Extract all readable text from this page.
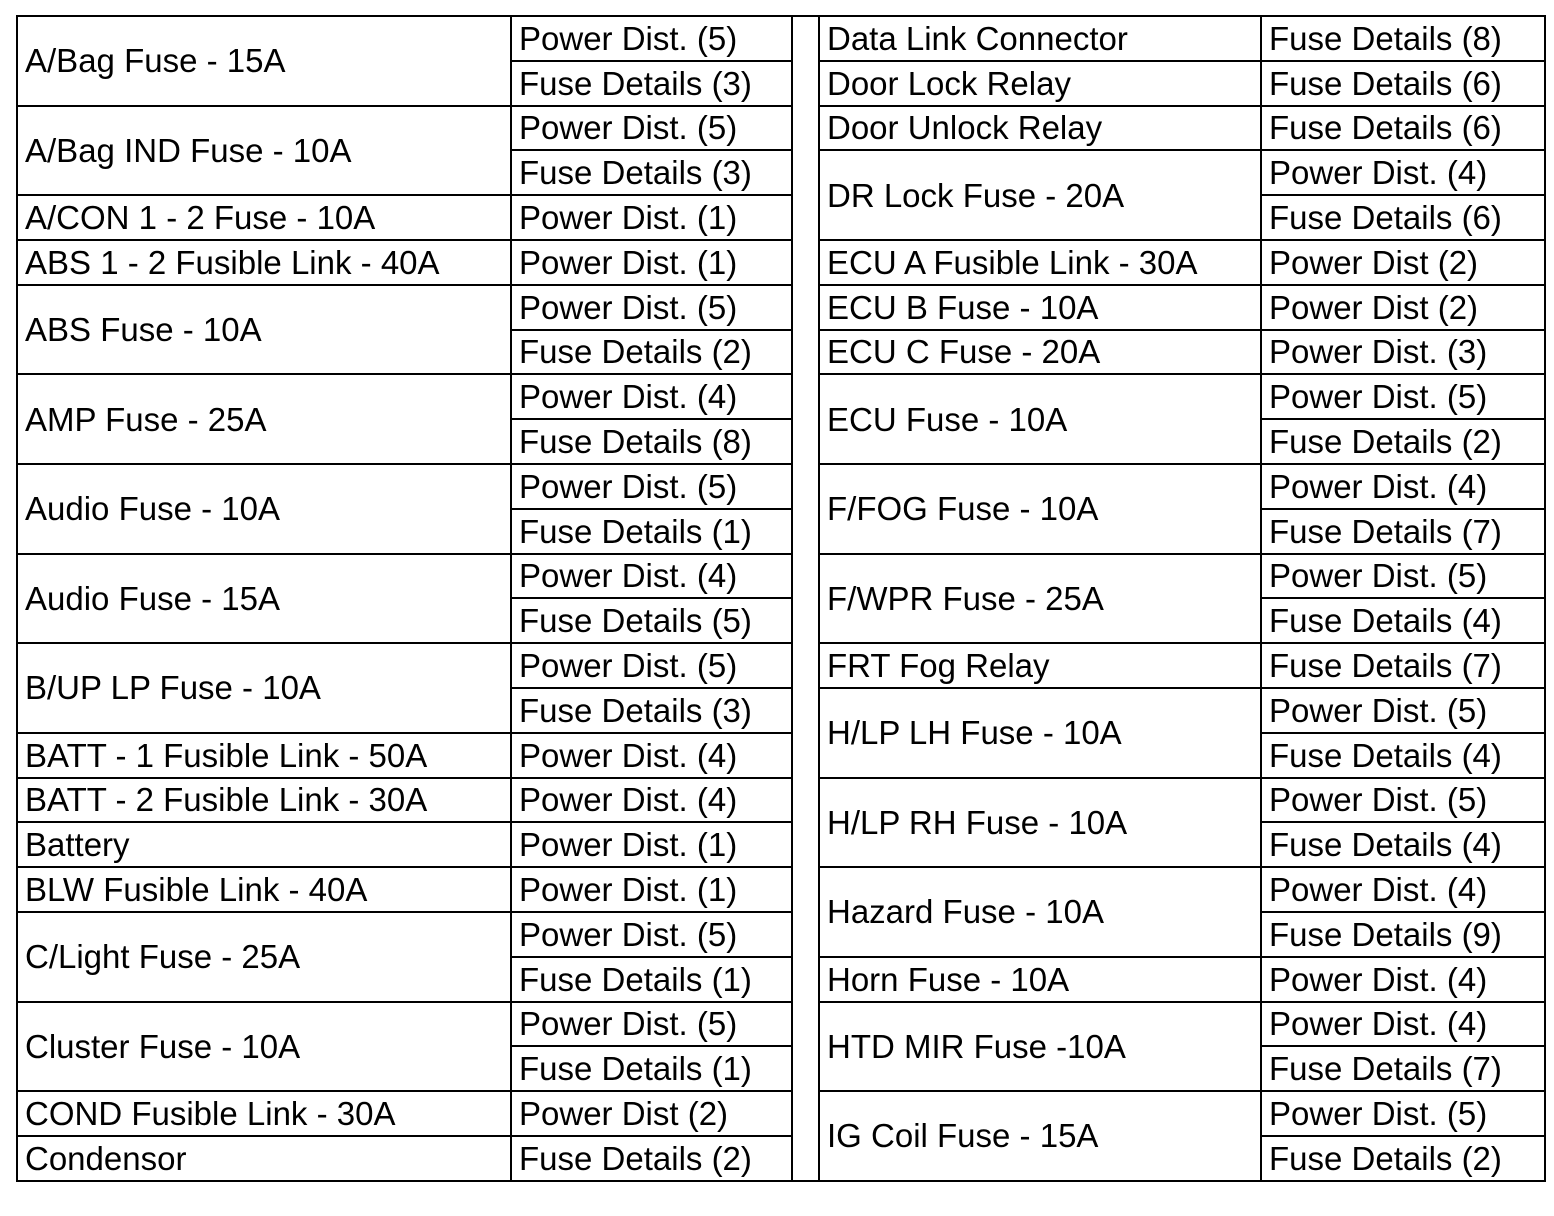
A/Bag Fuse - 15A	Power Dist. (5)		Data Link Connector	Fuse Details (8)
	Fuse Details (3)		Door Lock Relay	Fuse Details (6)
A/Bag IND Fuse - 10A	Power Dist. (5)		Door Unlock Relay	Fuse Details (6)
	Fuse Details (3)		DR Lock Fuse - 20A	Power Dist. (4)
A/CON 1 - 2 Fuse - 10A	Power Dist. (1)			Fuse Details (6)
ABS 1 - 2 Fusible Link - 40A	Power Dist. (1)		ECU A Fusible Link - 30A	Power Dist (2)
ABS Fuse - 10A	Power Dist. (5)		ECU B Fuse - 10A	Power Dist (2)
	Fuse Details (2)		ECU C Fuse - 20A	Power Dist. (3)
AMP Fuse - 25A	Power Dist. (4)		ECU Fuse - 10A	Power Dist. (5)
	Fuse Details (8)			Fuse Details (2)
Audio Fuse - 10A	Power Dist. (5)		F/FOG Fuse - 10A	Power Dist. (4)
	Fuse Details (1)			Fuse Details (7)
Audio Fuse - 15A	Power Dist. (4)		F/WPR Fuse - 25A	Power Dist. (5)
	Fuse Details (5)			Fuse Details (4)
B/UP LP Fuse - 10A	Power Dist. (5)		FRT Fog Relay	Fuse Details (7)
	Fuse Details (3)		H/LP LH Fuse - 10A	Power Dist. (5)
BATT - 1 Fusible Link - 50A	Power Dist. (4)			Fuse Details (4)
BATT - 2 Fusible Link - 30A	Power Dist. (4)		H/LP RH Fuse - 10A	Power Dist. (5)
Battery	Power Dist. (1)			Fuse Details (4)
BLW Fusible Link - 40A	Power Dist. (1)		Hazard Fuse - 10A	Power Dist. (4)
C/Light Fuse - 25A	Power Dist. (5)			Fuse Details (9)
	Fuse Details (1)		Horn Fuse - 10A	Power Dist. (4)
Cluster Fuse - 10A	Power Dist. (5)		HTD MIR Fuse -10A	Power Dist. (4)
	Fuse Details (1)			Fuse Details (7)
COND Fusible Link - 30A	Power Dist (2)		IG Coil Fuse - 15A	Power Dist. (5)
Condensor	Fuse Details (2)			Fuse Details (2)
